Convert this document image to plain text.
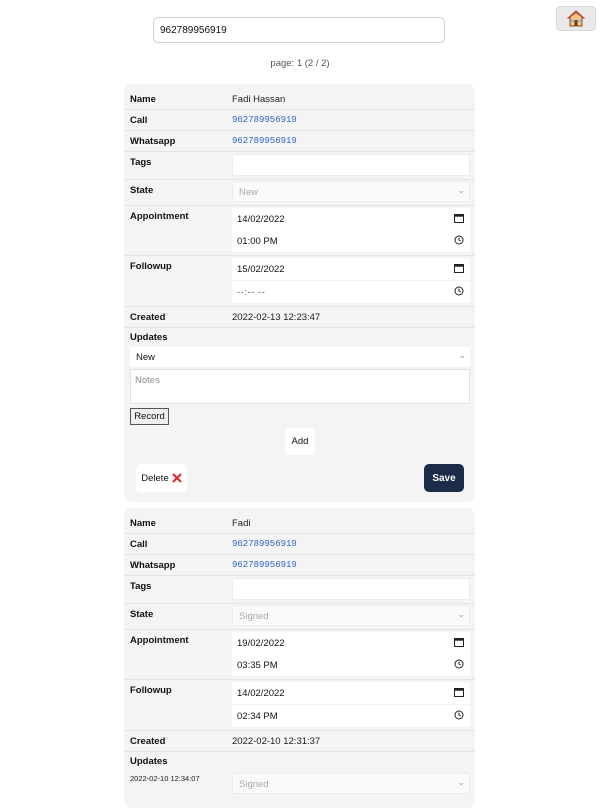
962789956919
page: 1 (2 / 2)
Name	Fadi Hassan
Call	962789956919
Whatsapp	962789956919
Tags
State	New	⌄
Appointment	14/02/2022
01:00 PM
Followup	15/02/2022
--:-- --
Created	2022-02-13 12:23:47
Updates
New	⌄
Notes
Record
Add
Delete	Save
Name	Fadi
Call	962789956919
Whatsapp	962789956919
Tags
State	Signed	⌄
Appointment	19/02/2022
03:35 PM
Followup	14/02/2022
02:34 PM
Created	2022-02-10 12:31:37
Updates
2022-02-10 12:34:07
Signed	⌄
